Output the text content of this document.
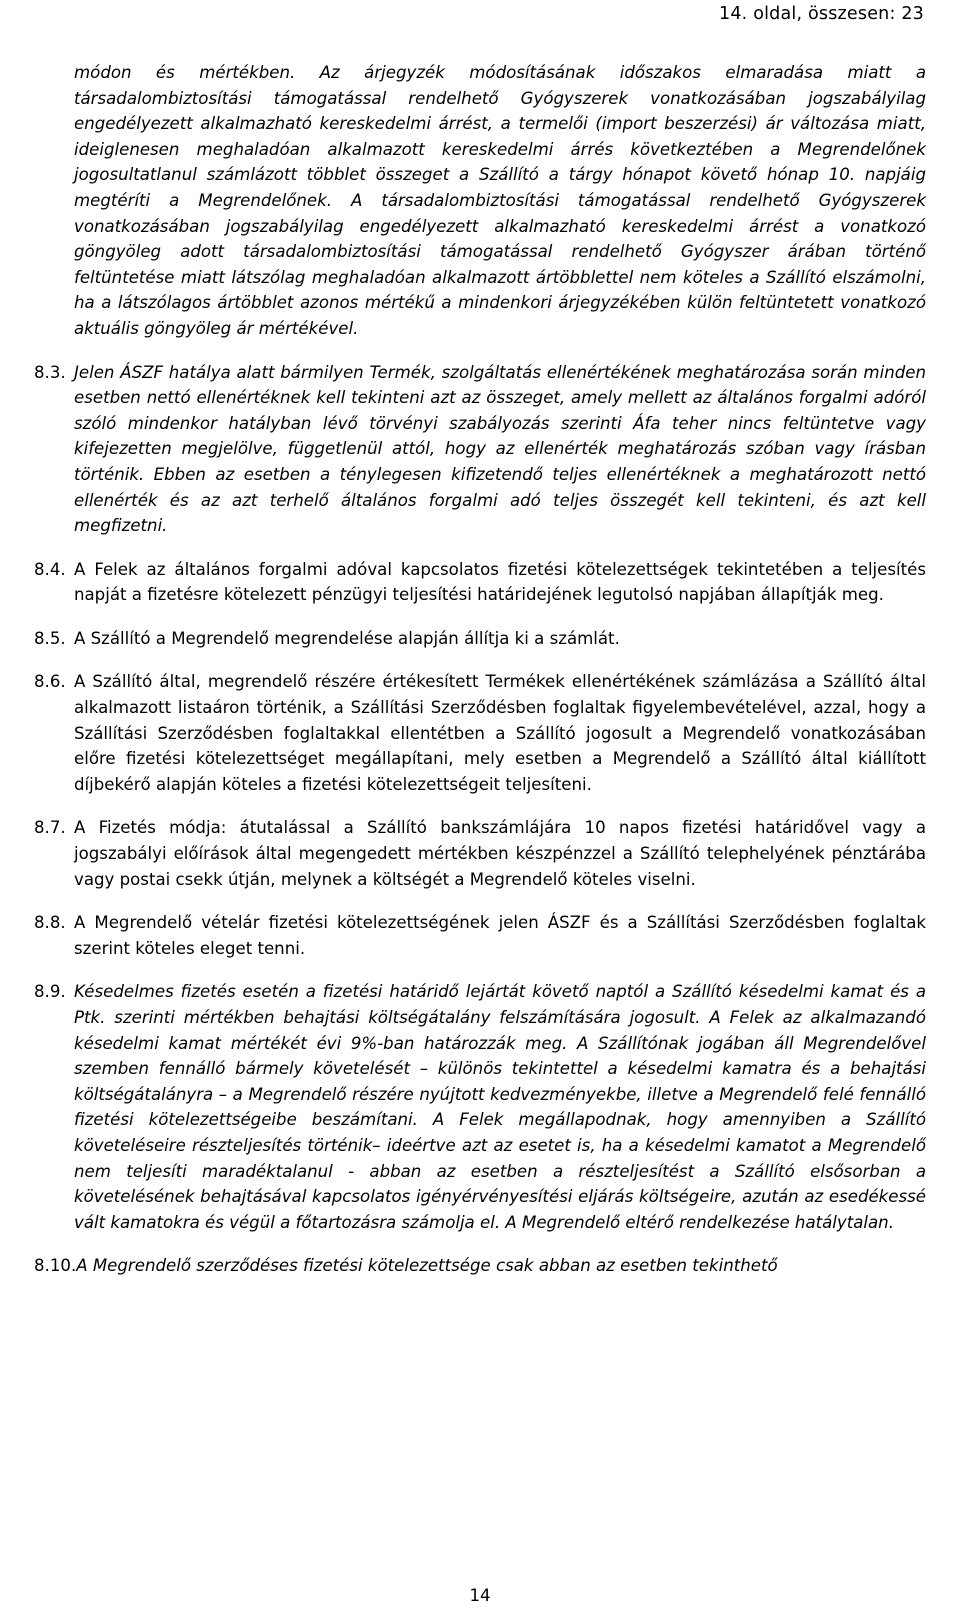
14. oldal, összesen: 23

módon és mértékben. Az árjegyzék módosításának időszakos elmaradása miatt a társadalombiztosítási támogatással rendelhető Gyógyszerek vonatkozásában jogszabályilag engedélyezett alkalmazható kereskedelmi árrést, a termelői (import beszerzési) ár változása miatt, ideiglenesen meghaladóan alkalmazott kereskedelmi árrés következtében a Megrendelőnek jogosultatlanul számlázott többlet összeget a Szállító a tárgy hónapot követő hónap 10. napjáig megtéríti a Megrendelőnek. A társadalombiztosítási támogatással rendelhető Gyógyszerek vonatkozásában jogszabályilag engedélyezett alkalmazható kereskedelmi árrést a vonatkozó göngyöleg adott társadalombiztosítási támogatással rendelhető Gyógyszer árában történő feltüntetése miatt látszólag meghaladóan alkalmazott ártöbblettel nem köteles a Szállító elszámolni, ha a látszólagos ártöbblet azonos mértékű a mindenkori árjegyzékében külön feltüntetett vonatkozó aktuális göngyöleg ár mértékével.

8.3. Jelen ÁSZF hatálya alatt bármilyen Termék, szolgáltatás ellenértékének meghatározása során minden esetben nettó ellenértéknek kell tekinteni azt az összeget, amely mellett az általános forgalmi adóról szóló mindenkor hatályban lévő törvényi szabályozás szerinti Áfa teher nincs feltüntetve vagy kifejezetten megjelölve, függetlenül attól, hogy az ellenérték meghatározás szóban vagy írásban történik. Ebben az esetben a ténylegesen kifizetendő teljes ellenértéknek a meghatározott nettó ellenérték és az azt terhelő általános forgalmi adó teljes összegét kell tekinteni, és azt kell megfizetni.

8.4. A Felek az általános forgalmi adóval kapcsolatos fizetési kötelezettségek tekintetében a teljesítés napját a fizetésre kötelezett pénzügyi teljesítési határidejének legutolsó napjában állapítják meg.

8.5. A Szállító a Megrendelő megrendelése alapján állítja ki a számlát.

8.6. A Szállító által, megrendelő részére értékesített Termékek ellenértékének számlázása a Szállító által alkalmazott listaáron történik, a Szállítási Szerződésben foglaltak figyelembevételével, azzal, hogy a Szállítási Szerződésben foglaltakkal ellentétben a Szállító jogosult a Megrendelő vonatkozásában előre fizetési kötelezettséget megállapítani, mely esetben a Megrendelő a Szállító által kiállított díjbekérő alapján köteles a fizetési kötelezettségeit teljesíteni.

8.7. A Fizetés módja: átutalással a Szállító bankszámlájára 10 napos fizetési határidővel vagy a jogszabályi előírások által megengedett mértékben készpénzzel a Szállító telephelyének pénztárába vagy postai csekk útján, melynek a költségét a Megrendelő köteles viselni.

8.8. A Megrendelő vételár fizetési kötelezettségének jelen ÁSZF és a Szállítási Szerződésben foglaltak szerint köteles eleget tenni.

8.9. Késedelmes fizetés esetén a fizetési határidő lejártát követő naptól a Szállító késedelmi kamat és a Ptk. szerinti mértékben behajtási költségátalány felszámítására jogosult. A Felek az alkalmazandó késedelmi kamat mértékét évi 9%-ban határozzák meg. A Szállítónak jogában áll Megrendelővel szemben fennálló bármely követelését – különös tekintettel a késedelmi kamatra és a behajtási költségátalányra – a Megrendelő részére nyújtott kedvezményekbe, illetve a Megrendelő felé fennálló fizetési kötelezettségeibe beszámítani. A Felek megállapodnak, hogy amennyiben a Szállító követeléseire részteljesítés történik– ideértve azt az esetet is, ha a késedelmi kamatot a Megrendelő nem teljesíti maradéktalanul - abban az esetben a részteljesítést a Szállító elsősorban a követelésének behajtásával kapcsolatos igényérvényesítési eljárás költségeire, azután az esedékessé vált kamatokra és végül a főtartozásra számolja el. A Megrendelő eltérő rendelkezése hatálytalan.

8.10. A Megrendelő szerződéses fizetési kötelezettsége csak abban az esetben tekinthető

14
